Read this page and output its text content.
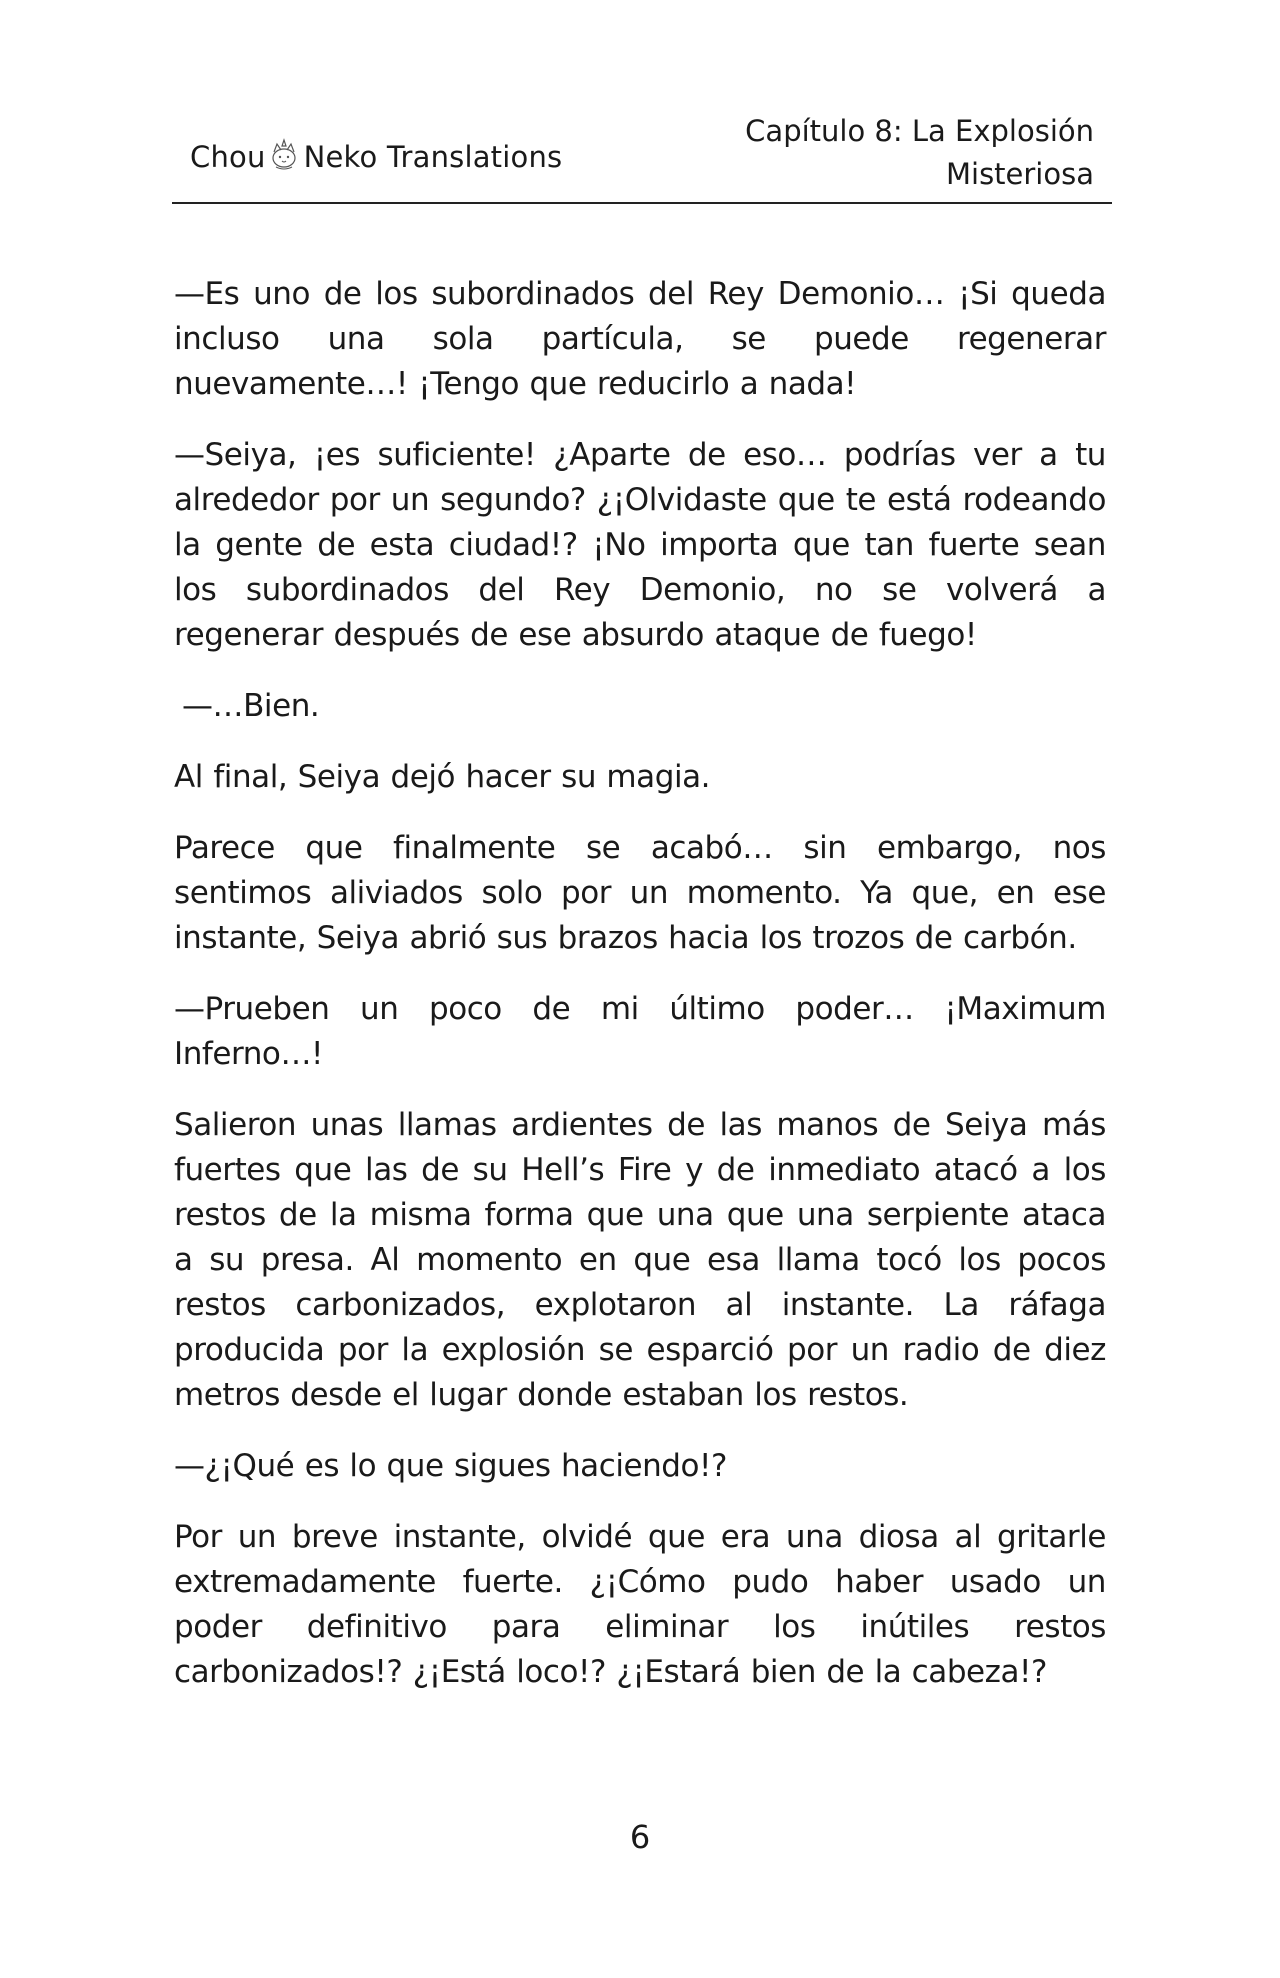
Chou Neko Translations
Capítulo 8: La Explosión
Misteriosa

—Es uno de los subordinados del Rey Demonio… ¡Si queda incluso una sola partícula, se puede regenerar nuevamente…! ¡Tengo que reducirlo a nada!

—Seiya, ¡es suficiente! ¿Aparte de eso… podrías ver a tu alrededor por un segundo? ¿¡Olvidaste que te está rodeando la gente de esta ciudad!? ¡No importa que tan fuerte sean los subordinados del Rey Demonio, no se volverá a regenerar después de ese absurdo ataque de fuego!

—…Bien.

Al final, Seiya dejó hacer su magia.

Parece que finalmente se acabó… sin embargo, nos sentimos aliviados solo por un momento. Ya que, en ese instante, Seiya abrió sus brazos hacia los trozos de carbón.

—Prueben un poco de mi último poder… ¡Maximum Inferno…!

Salieron unas llamas ardientes de las manos de Seiya más fuertes que las de su Hell’s Fire y de inmediato atacó a los restos de la misma forma que una que una serpiente ataca a su presa. Al momento en que esa llama tocó los pocos restos carbonizados, explotaron al instante. La ráfaga producida por la explosión se esparció por un radio de diez metros desde el lugar donde estaban los restos.

—¿¡Qué es lo que sigues haciendo!?

Por un breve instante, olvidé que era una diosa al gritarle extremadamente fuerte. ¿¡Cómo pudo haber usado un poder definitivo para eliminar los inútiles restos carbonizados!? ¿¡Está loco!? ¿¡Estará bien de la cabeza!?

6
